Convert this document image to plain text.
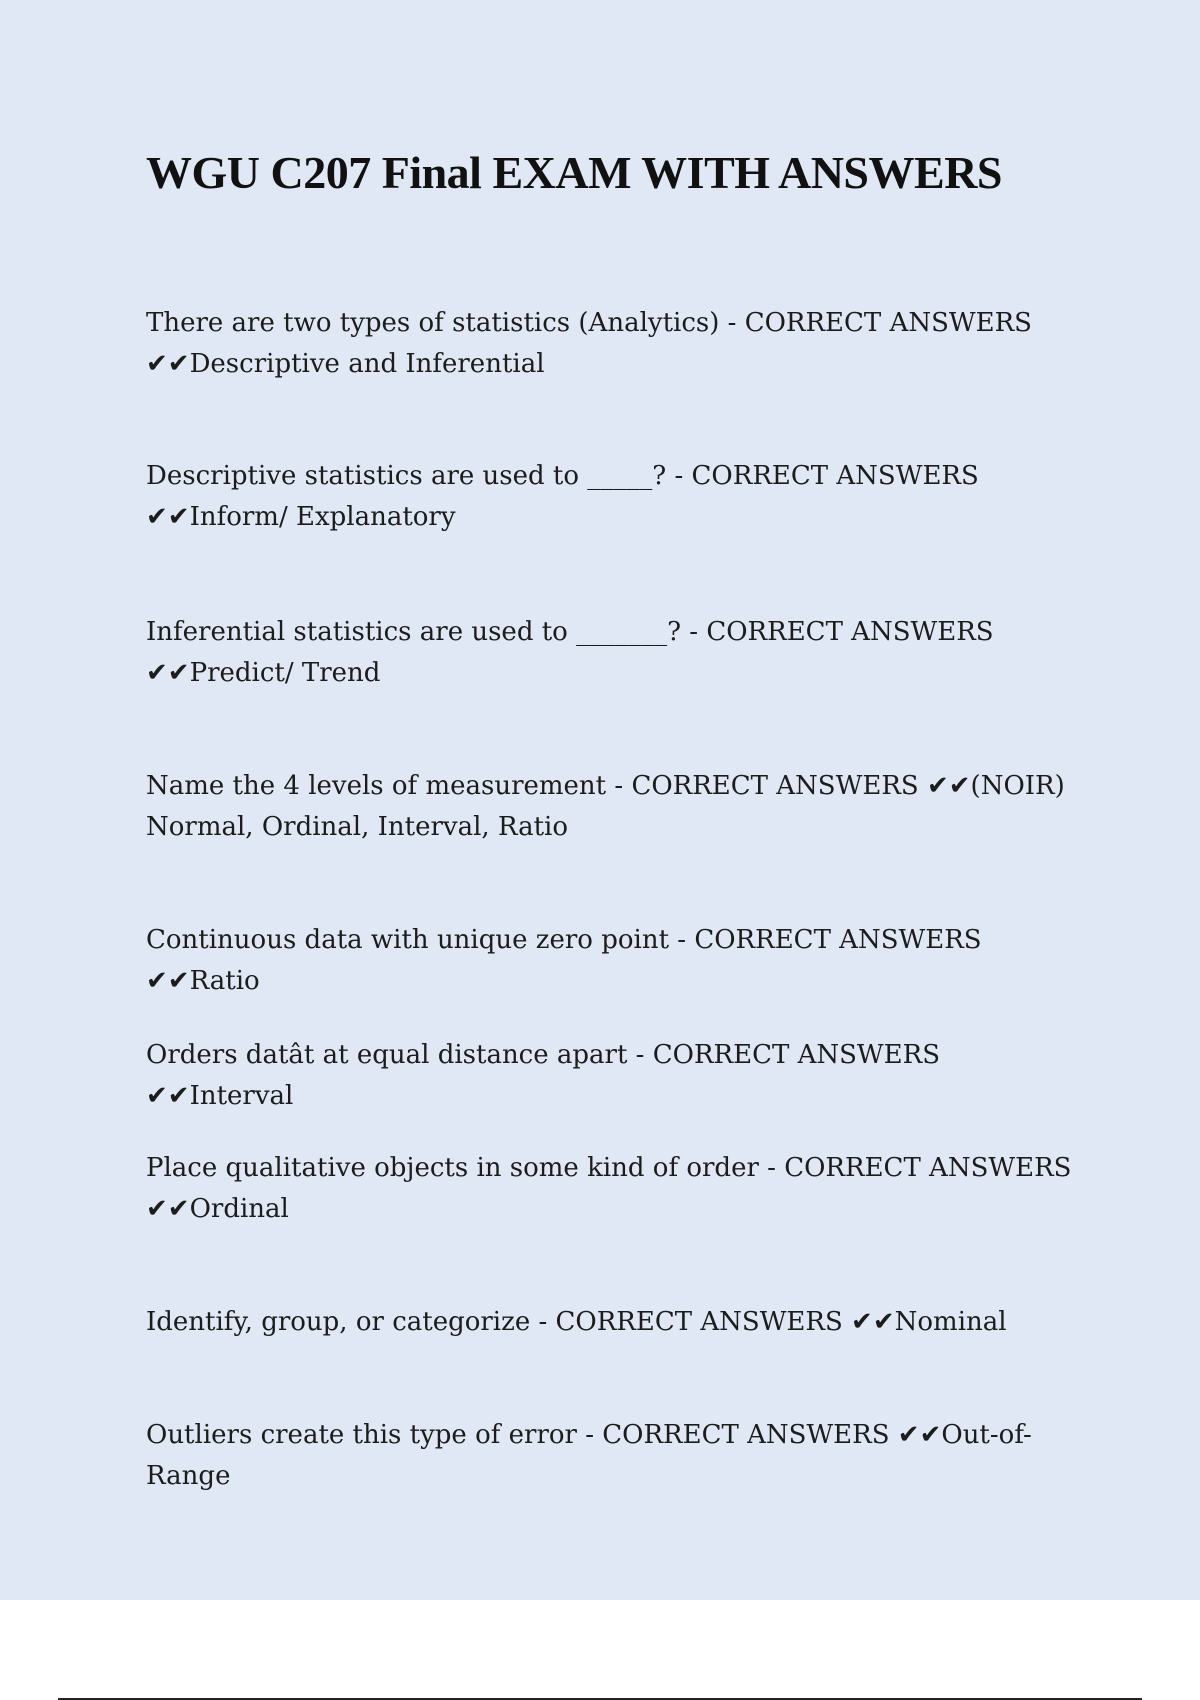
WGU C207 Final EXAM WITH ANSWERS

There are two types of statistics (Analytics) - CORRECT ANSWERS ✔✔Descriptive and Inferential

Descriptive statistics are used to _____? - CORRECT ANSWERS ✔✔Inform/ Explanatory

Inferential statistics are used to _______? - CORRECT ANSWERS ✔✔Predict/ Trend

Name the 4 levels of measurement - CORRECT ANSWERS ✔✔(NOIR) Normal, Ordinal, Interval, Ratio

Continuous data with unique zero point - CORRECT ANSWERS ✔✔Ratio

Orders datât at equal distance apart - CORRECT ANSWERS ✔✔Interval

Place qualitative objects in some kind of order - CORRECT ANSWERS ✔✔Ordinal

Identify, group, or categorize - CORRECT ANSWERS ✔✔Nominal

Outliers create this type of error - CORRECT ANSWERS ✔✔Out-of-Range
